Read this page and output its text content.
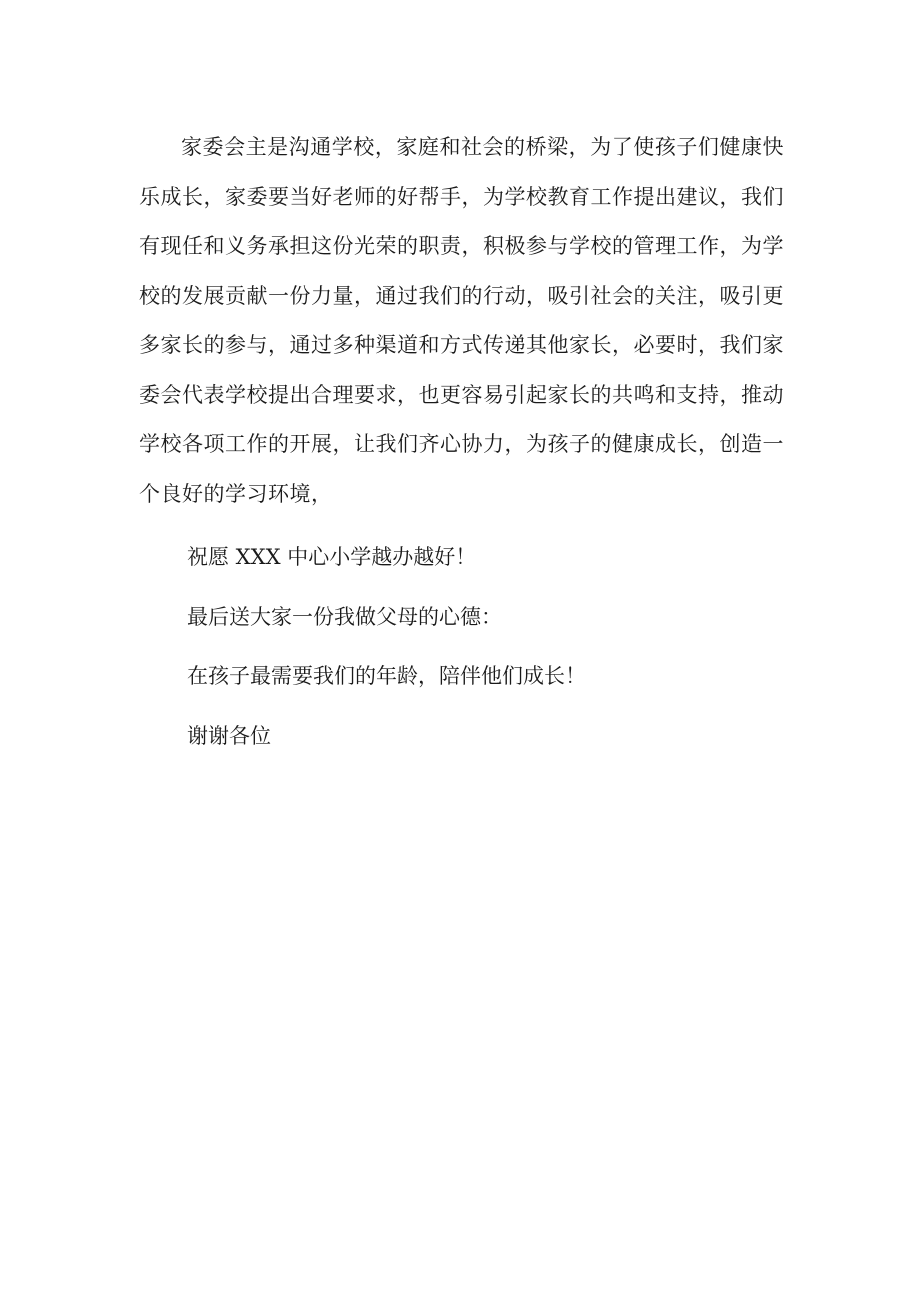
家委会主是沟通学校，家庭和社会的桥梁，为了使孩子们健康快乐成长，家委要当好老师的好帮手，为学校教育工作提出建议，我们有现任和义务承担这份光荣的职责，积极参与学校的管理工作，为学校的发展贡献一份力量，通过我们的行动，吸引社会的关注，吸引更多家长的参与，通过多种渠道和方式传递其他家长，必要时，我们家委会代表学校提出合理要求，也更容易引起家长的共鸣和支持，推动学校各项工作的开展，让我们齐心协力，为孩子的健康成长，创造一个良好的学习环境，

祝愿 XXX 中心小学越办越好！

最后送大家一份我做父母的心德：

在孩子最需要我们的年龄，陪伴他们成长！

谢谢各位
